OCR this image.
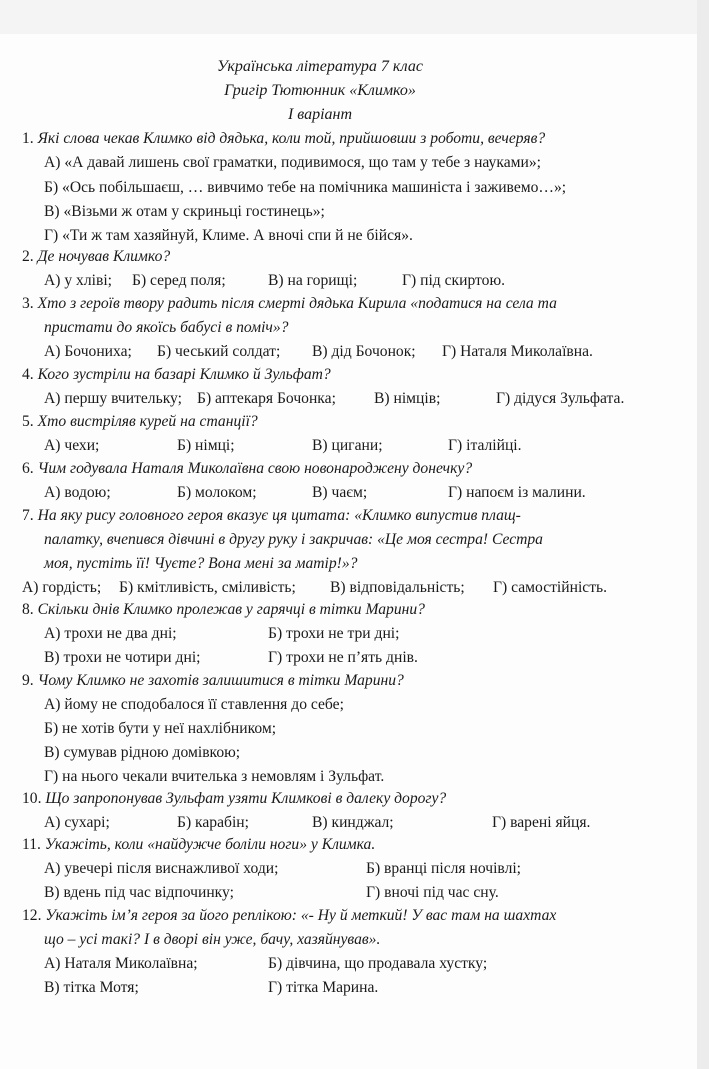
Українська література 7 клас
Григір Тютюнник «Климко»
І варіант
1. Які слова чекав Климко від дядька, коли той, прийшовши з роботи, вечеряв?
А) «А давай лишень свої граматки, подивимося, що там у тебе з науками»;
Б) «Ось побільшаєш, … вивчимо тебе на помічника машиніста і заживемо…»;
В) «Візьми ж отам у скриньці гостинець»;
Г) «Ти ж там хазяйнуй, Климе. А вночі спи й не бійся».
2. Де ночував Климко?
А) у хліві; Б) серед поля;	В) на горищі;	Г) під скиртою.
3. Хто з героїв твору радить після смерті дядька Кирила «податися на села та
пристати до якоїсь бабусі в поміч»?
А) Бочониха; Б) чеський солдат; В) дід Бочонок; Г) Наталя Миколаївна.
4. Кого зустріли на базарі Климко й Зульфат?
А) першу вчительку; Б) аптекаря Бочонка; В) німців;	Г) дідуся Зульфата.
5. Хто вистріляв курей на станції?
А) чехи;	Б) німці;	В) цигани;	Г) італійці.
6. Чим годувала Наталя Миколаївна свою новонароджену донечку?
А) водою;	Б) молоком;	В) чаєм;	Г) напоєм із малини.
7. На яку рису головного героя вказує ця цитата: «Климко випустив плащ-
палатку, вчепився дівчині в другу руку і закричав: «Це моя сестра! Сестра
моя, пустіть її! Чуєте? Вона мені за матір!»?
А) гордість; Б) кмітливість, сміливість; В) відповідальність; Г) самостійність.
8. Скільки днів Климко пролежав у гарячці в тітки Марини?
А) трохи не два дні;	Б) трохи не три дні;
В) трохи не чотири дні;	Г) трохи не п’ять днів.
9. Чому Климко не захотів залишитися в тітки Марини?
А) йому не сподобалося її ставлення до себе;
Б) не хотів бути у неї нахлібником;
В) сумував рідною домівкою;
Г) на нього чекали вчителька з немовлям і Зульфат.
10. Що запропонував Зульфат узяти Климкові в далеку дорогу?
А) сухарі;	Б) карабін;	В) кинджал;	Г) варені яйця.
11. Укажіть, коли «найдужче боліли ноги» у Климка.
А) увечері після виснажливої ходи;	Б) вранці після ночівлі;
В) вдень під час відпочинку;	Г) вночі під час сну.
12. Укажіть ім’я героя за його реплікою: «- Ну й меткий! У вас там на шахтах
що – усі такі? І в дворі він уже, бачу, хазяйнував».
А) Наталя Миколаївна;	Б) дівчина, що продавала хустку;
В) тітка Мотя;	Г) тітка Марина.
